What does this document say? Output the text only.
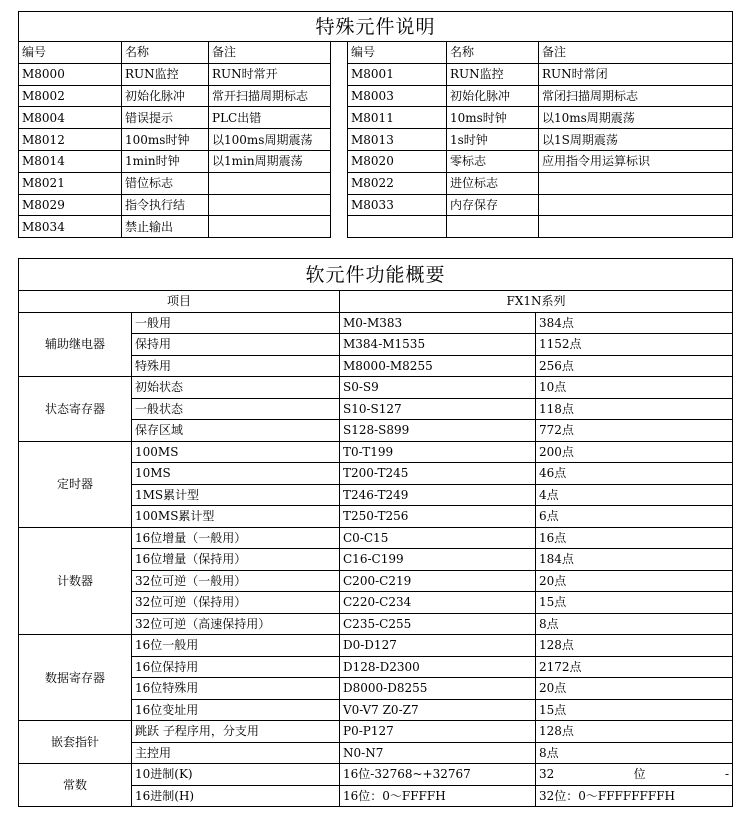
特殊元件说明						
编号	名称	备注		编号	名称	备注
M8000	RUN监控	RUN时常开		M8001	RUN监控	RUN时常闭
M8002	初始化脉冲	常开扫描周期标志		M8003	初始化脉冲	常闭扫描周期标志
M8004	错误提示	PLC出错		M8011	10ms时钟	以10ms周期震荡
M8012	100ms时钟	以100ms周期震荡		M8013	1s时钟	以1S周期震荡
M8014	1min时钟	以1min周期震荡		M8020	零标志	应用指令用运算标识
M8021	错位标志			M8022	进位标志	
M8029	指令执行结			M8033	内存保存	
M8034	禁止输出					
软元件功能概要			
项目		FX1N系列	
辅助继电器	一般用	M0-M383	384点
	保持用	M384-M1535	1152点
	特殊用	M8000-M8255	256点
状态寄存器	初始状态	S0-S9	10点
	一般状态	S10-S127	118点
	保存区域	S128-S899	772点
定时器	100MS	T0-T199	200点
	10MS	T200-T245	46点
	1MS累计型	T246-T249	4点
	100MS累计型	T250-T256	6点
计数器	16位增量（一般用）	C0-C15	16点
	16位增量（保持用）	C16-C199	184点
	32位可逆（一般用）	C200-C219	20点
	32位可逆（保持用）	C220-C234	15点
	32位可逆（高速保持用）	C235-C255	8点
数据寄存器	16位一般用	D0-D127	128点
	16位保持用	D128-D2300	2172点
	16位特殊用	D8000-D8255	20点
	16位变址用	V0-V7 Z0-Z7	15点
嵌套指针	跳跃 子程序用，分支用	P0-P127	128点
	主控用	N0-N7	8点
常数	10进制(K)	16位-32768~+32767	32 位 -

	16进制(H)	16位：0～FFFFH	32位：0～FFFFFFFFH
